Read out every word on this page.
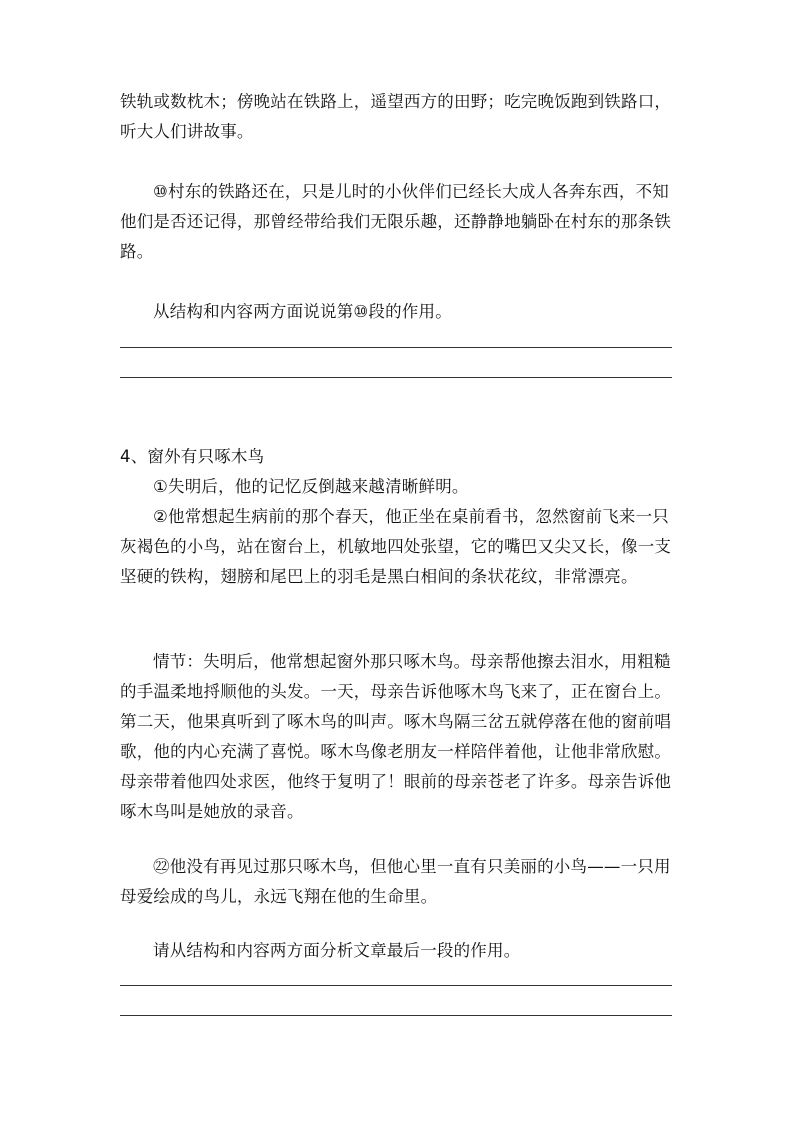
铁轨或数枕木；傍晚站在铁路上，遥望西方的田野；吃完晚饭跑到铁路口，听大人们讲故事。
⑩村东的铁路还在，只是儿时的小伙伴们已经长大成人各奔东西，不知他们是否还记得，那曾经带给我们无限乐趣，还静静地躺卧在村东的那条铁路。
从结构和内容两方面说说第⑩段的作用。
4、窗外有只啄木鸟
①失明后，他的记忆反倒越来越清晰鲜明。
②他常想起生病前的那个春天，他正坐在桌前看书，忽然窗前飞来一只灰褐色的小鸟，站在窗台上，机敏地四处张望，它的嘴巴又尖又长，像一支坚硬的铁构，翅膀和尾巴上的羽毛是黑白相间的条状花纹，非常漂亮。
情节：失明后，他常想起窗外那只啄木鸟。母亲帮他擦去泪水，用粗糙的手温柔地捋顺他的头发。一天，母亲告诉他啄木鸟飞来了，正在窗台上。第二天，他果真听到了啄木鸟的叫声。啄木鸟隔三岔五就停落在他的窗前唱歌，他的内心充满了喜悦。啄木鸟像老朋友一样陪伴着他，让他非常欣慰。母亲带着他四处求医，他终于复明了！眼前的母亲苍老了许多。母亲告诉他啄木鸟叫是她放的录音。
㉒他没有再见过那只啄木鸟，但他心里一直有只美丽的小鸟——一只用母爱绘成的鸟儿，永远飞翔在他的生命里。
请从结构和内容两方面分析文章最后一段的作用。
